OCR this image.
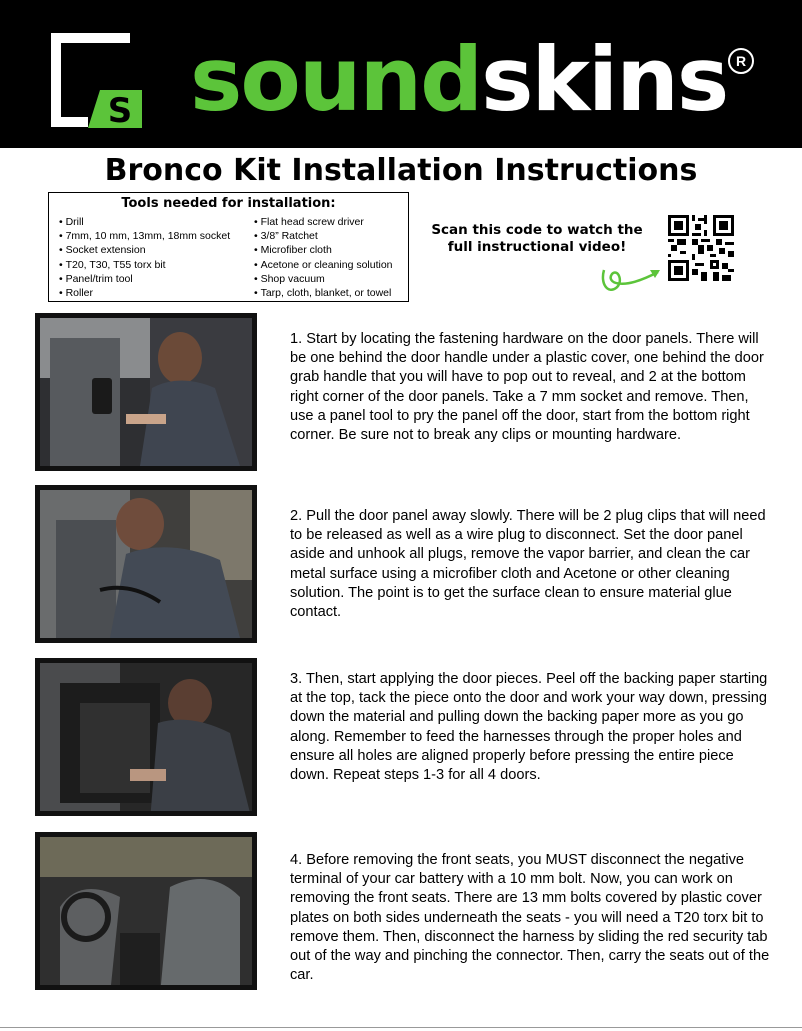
S soundskins R
Bronco Kit Installation Instructions
Tools needed for installation:
• Drill
• 7mm, 10 mm, 13mm, 18mm socket
• Socket extension
• T20, T30, T55 torx bit
• Panel/trim tool
• Roller
• Flat head screw driver
• 3/8” Ratchet
• Microfiber cloth
• Acetone or cleaning solution
• Shop vacuum
• Tarp, cloth, blanket, or towel
Scan this code to watch the full instructional video!
1. Start by locating the fastening hardware on the door panels. There will be one behind the door handle under a plastic cover, one behind the door grab handle that you will have to pop out to reveal, and 2 at the bottom right corner of the door panels. Take a 7 mm socket and remove. Then, use a panel tool to pry the panel off the door, start from the bottom right corner. Be sure not to break any clips or mounting hardware.
2. Pull the door panel away slowly. There will be 2 plug clips that will need to be released as well as a wire plug to disconnect. Set the door panel aside and unhook all plugs, remove the vapor barrier, and clean the car metal surface using a microfiber cloth and Acetone or other cleaning solution. The point is to get the surface clean to ensure material glue contact.
3. Then, start applying the door pieces. Peel off the backing paper starting at the top, tack the piece onto the door and work your way down, pressing down the material and pulling down the backing paper more as you go along. Remember to feed the harnesses through the proper holes and ensure all holes are aligned properly before pressing the entire piece down. Repeat steps 1-3 for all 4 doors.
4. Before removing the front seats, you MUST disconnect the negative terminal of your car battery with a 10 mm bolt. Now, you can work on removing the front seats. There are 13 mm bolts covered by plastic cover plates on both sides underneath the seats - you will need a T20 torx bit to remove them. Then, disconnect the harness by sliding the red security tab out of the way and pinching the connector. Then, carry the seats out of the car.
